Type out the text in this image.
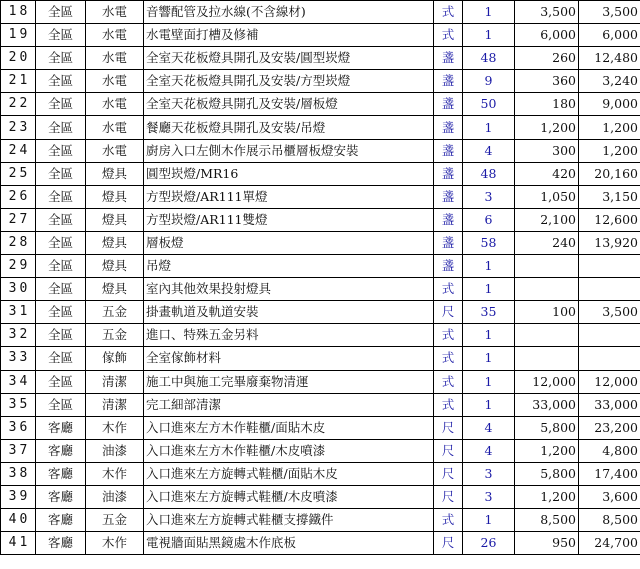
18	全區	水電	音響配管及拉水線(不含線材)	式	1	3,500	3,500
19	全區	水電	水電壁面打槽及修補	式	1	6,000	6,000
20	全區	水電	全室天花板燈具開孔及安裝/圓型崁燈	盞	48	260	12,480
21	全區	水電	全室天花板燈具開孔及安裝/方型崁燈	盞	9	360	3,240
22	全區	水電	全室天花板燈具開孔及安裝/層板燈	盞	50	180	9,000
23	全區	水電	餐廳天花板燈具開孔及安裝/吊燈	盞	1	1,200	1,200
24	全區	水電	廚房入口左側木作展示吊櫃層板燈安裝	盞	4	300	1,200
25	全區	燈具	圓型崁燈/MR16	盞	48	420	20,160
26	全區	燈具	方型崁燈/AR111單燈	盞	3	1,050	3,150
27	全區	燈具	方型崁燈/AR111雙燈	盞	6	2,100	12,600
28	全區	燈具	層板燈	盞	58	240	13,920
29	全區	燈具	吊燈	盞	1		
30	全區	燈具	室內其他效果投射燈具	式	1		
31	全區	五金	掛畫軌道及軌道安裝	尺	35	100	3,500
32	全區	五金	進口、特殊五金另料	式	1		
33	全區	傢飾	全室傢飾材料	式	1		
34	全區	清潔	施工中與施工完畢廢棄物清運	式	1	12,000	12,000
35	全區	清潔	完工細部清潔	式	1	33,000	33,000
36	客廳	木作	入口進來左方木作鞋櫃/面貼木皮	尺	4	5,800	23,200
37	客廳	油漆	入口進來左方木作鞋櫃/木皮噴漆	尺	4	1,200	4,800
38	客廳	木作	入口進來左方旋轉式鞋櫃/面貼木皮	尺	3	5,800	17,400
39	客廳	油漆	入口進來左方旋轉式鞋櫃/木皮噴漆	尺	3	1,200	3,600
40	客廳	五金	入口進來左方旋轉式鞋櫃支撐鐵件	式	1	8,500	8,500
41	客廳	木作	電視牆面貼黑鏡處木作底板	尺	26	950	24,700
